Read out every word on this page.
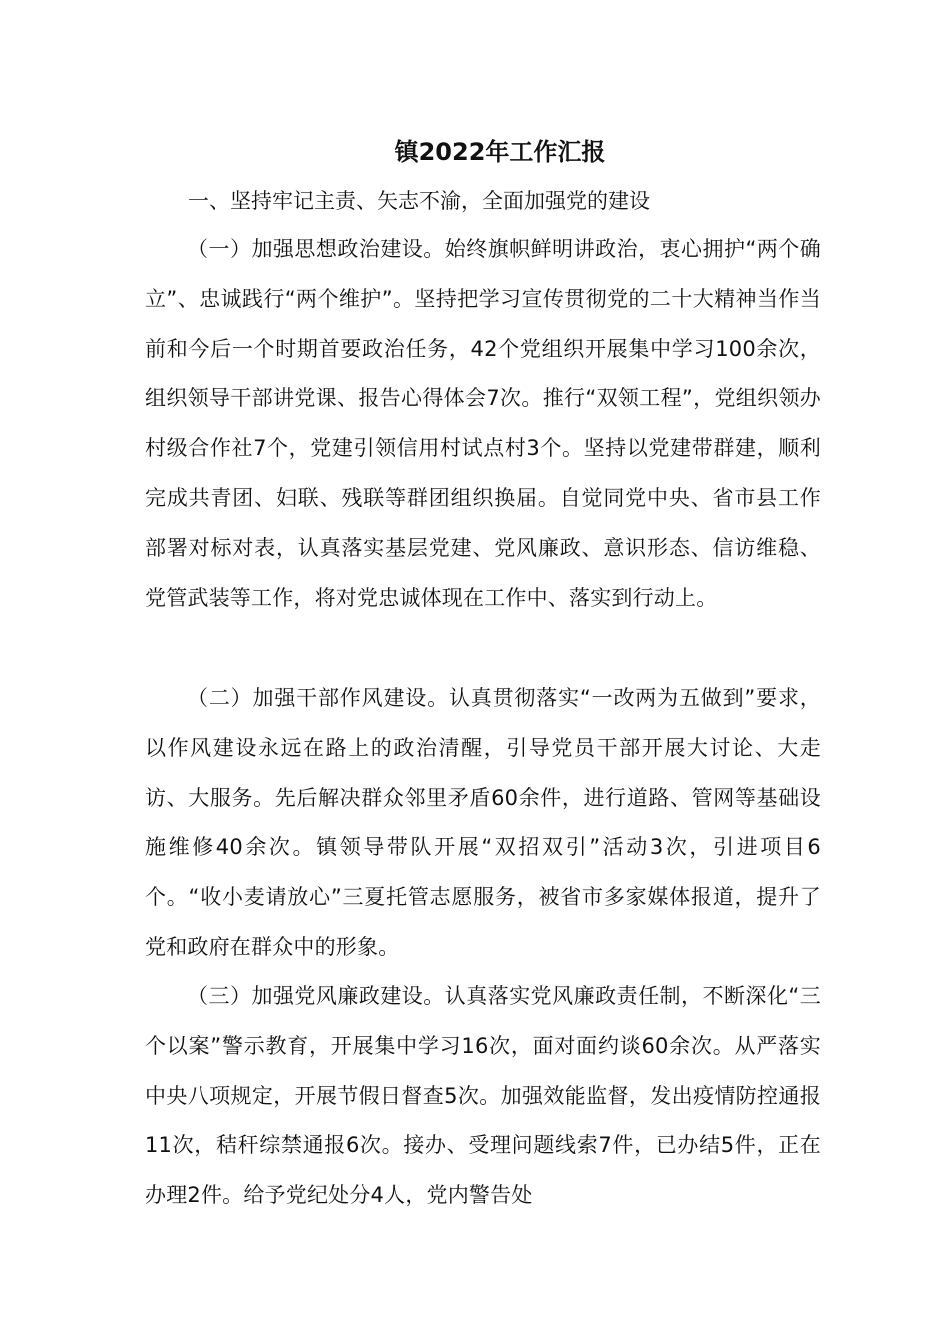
镇2022年工作汇报

一、坚持牢记主责、矢志不渝，全面加强党的建设

（一）加强思想政治建设。始终旗帜鲜明讲政治，衷心拥护“两个确立”、忠诚践行“两个维护”。坚持把学习宣传贯彻党的二十大精神当作当前和今后一个时期首要政治任务，42个党组织开展集中学习100余次，组织领导干部讲党课、报告心得体会7次。推行“双领工程”，党组织领办村级合作社7个，党建引领信用村试点村3个。坚持以党建带群建，顺利完成共青团、妇联、残联等群团组织换届。自觉同党中央、省市县工作部署对标对表，认真落实基层党建、党风廉政、意识形态、信访维稳、党管武装等工作，将对党忠诚体现在工作中、落实到行动上。

（二）加强干部作风建设。认真贯彻落实“一改两为五做到”要求，以作风建设永远在路上的政治清醒，引导党员干部开展大讨论、大走访、大服务。先后解决群众邻里矛盾60余件，进行道路、管网等基础设施维修40余次。镇领导带队开展“双招双引”活动3次，引进项目6个。“收小麦请放心”三夏托管志愿服务，被省市多家媒体报道，提升了党和政府在群众中的形象。

（三）加强党风廉政建设。认真落实党风廉政责任制，不断深化“三个以案”警示教育，开展集中学习16次，面对面约谈60余次。从严落实中央八项规定，开展节假日督查5次。加强效能监督，发出疫情防控通报11次，秸秆综禁通报6次。接办、受理问题线索7件，已办结5件，正在办理2件。给予党纪处分4人，党内警告处
